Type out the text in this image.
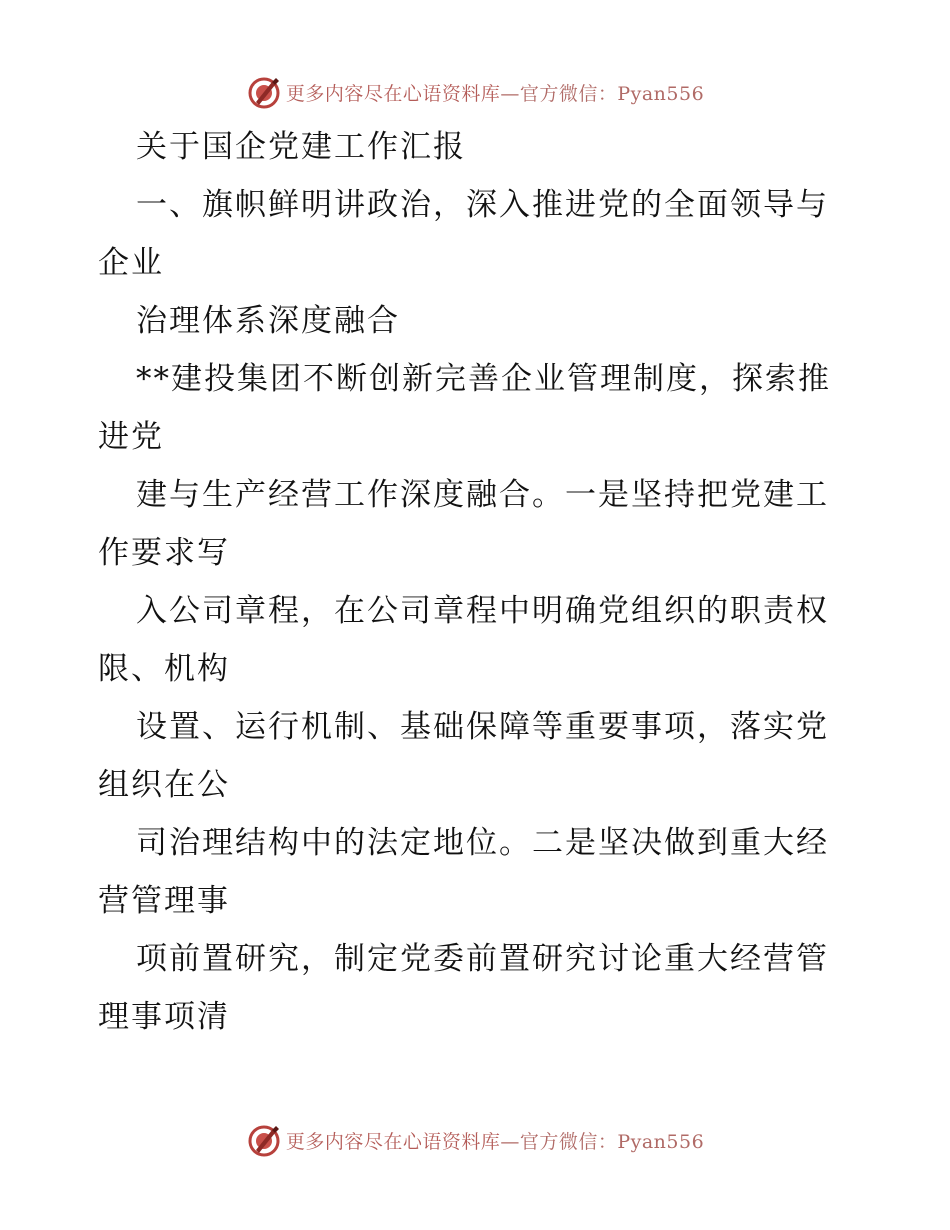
更多内容尽在心语资料库—官方微信：Pyan556
关于国企党建工作汇报
一、旗帜鲜明讲政治，深入推进党的全面领导与
企业
治理体系深度融合
**建投集团不断创新完善企业管理制度，探索推
进党
建与生产经营工作深度融合。一是坚持把党建工
作要求写
入公司章程，在公司章程中明确党组织的职责权
限、机构
设置、运行机制、基础保障等重要事项，落实党
组织在公
司治理结构中的法定地位。二是坚决做到重大经
营管理事
项前置研究，制定党委前置研究讨论重大经营管
理事项清
更多内容尽在心语资料库—官方微信：Pyan556
